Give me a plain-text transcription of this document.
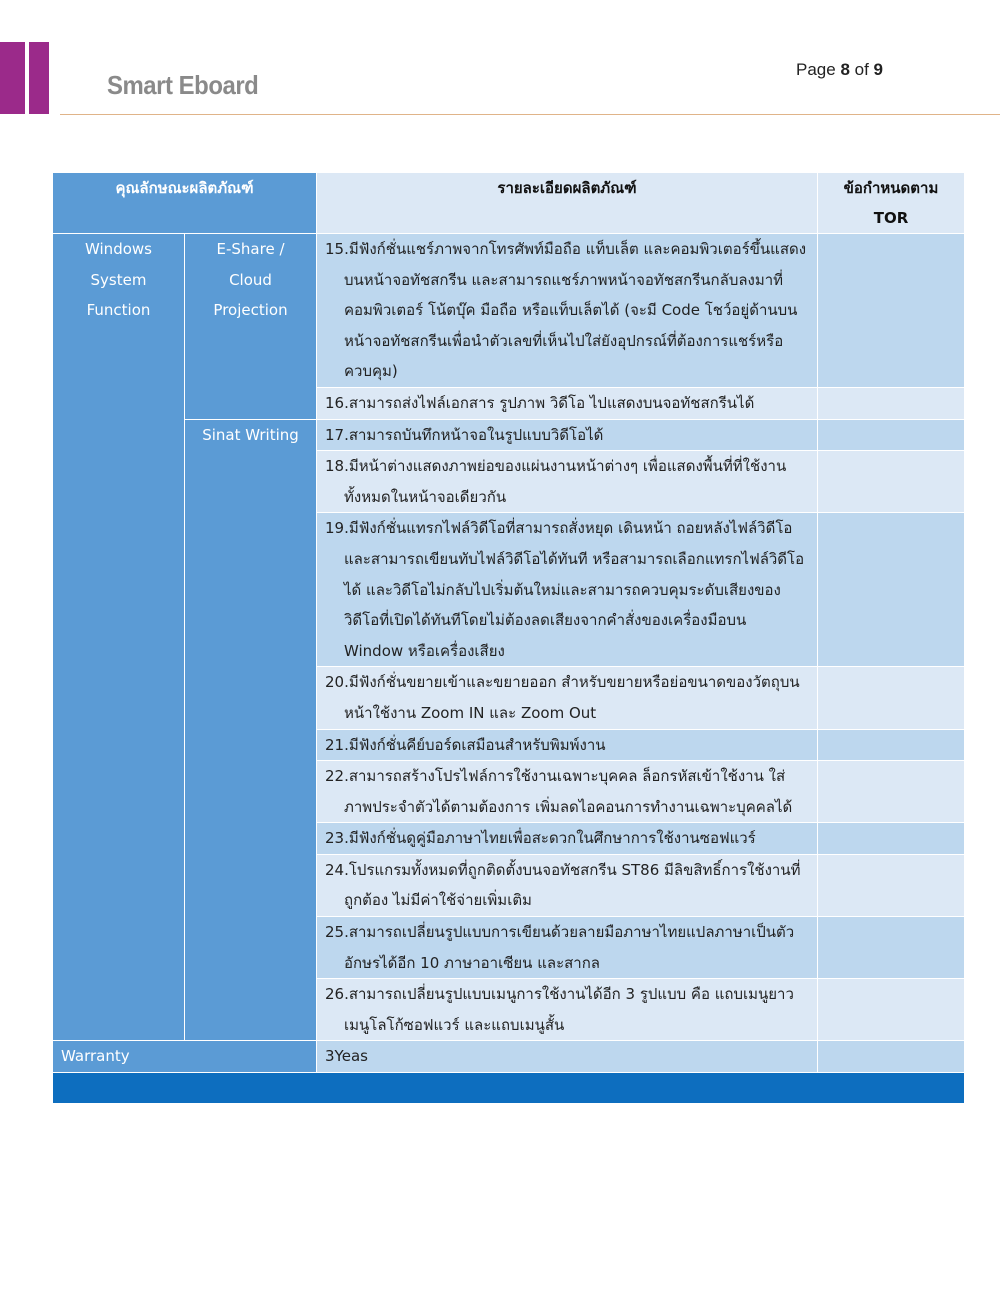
Smart Eboard
Page 8 of 9
คุณลักษณะผลิตภัณฑ์		รายละเอียดผลิตภัณฑ์	ข้อกำหนดตาม TOR
Windows System Function	E-Share / Cloud Projection	15.มีฟังก์ชั่นแชร์ภาพจากโทรศัพท์มือถือ แท็บเล็ต และคอมพิวเตอร์ขึ้นแสดงบนหน้าจอทัชสกรีน และสามารถแชร์ภาพหน้าจอทัชสกรีนกลับลงมาที่คอมพิวเตอร์ โน้ตบุ๊ค มือถือ หรือแท็บเล็ตได้ (จะมี Code โชว์อยู่ด้านบนหน้าจอทัชสกรีนเพื่อนำตัวเลขที่เห็นไปใส่ยังอุปกรณ์ที่ต้องการแชร์หรือควบคุม)	

		16.สามารถส่งไฟล์เอกสาร รูปภาพ วิดีโอ ไปแสดงบนจอทัชสกรีนได้	

	Sinat Writing	17.สามารถบันทึกหน้าจอในรูปแบบวิดีโอได้	

		18.มีหน้าต่างแสดงภาพย่อของแผ่นงานหน้าต่างๆ เพื่อแสดงพื้นที่ที่ใช้งานทั้งหมดในหน้าจอเดียวกัน	

		19.มีฟังก์ชั่นแทรกไฟล์วิดีโอที่สามารถสั่งหยุด เดินหน้า ถอยหลังไฟล์วิดีโอและสามารถเขียนทับไฟล์วิดีโอได้ทันที หรือสามารถเลือกแทรกไฟล์วิดีโอได้ และวิดีโอไม่กลับไปเริ่มต้นใหม่และสามารถควบคุมระดับเสียงของวิดีโอที่เปิดได้ทันทีโดยไม่ต้องลดเสียงจากคำสั่งของเครื่องมือบน Window หรือเครื่องเสียง	

		20.มีฟังก์ชั่นขยายเข้าและขยายออก สำหรับขยายหรือย่อขนาดของวัตถุบนหน้าใช้งาน Zoom IN และ Zoom Out	

		21.มีฟังก์ชั่นคีย์บอร์ดเสมือนสำหรับพิมพ์งาน	

		22.สามารถสร้างโปรไฟล์การใช้งานเฉพาะบุคคล ล็อกรหัสเข้าใช้งาน ใส่ภาพประจำตัวได้ตามต้องการ เพิ่มลดไอคอนการทำงานเฉพาะบุคคลได้	

		23.มีฟังก์ชั่นดูคู่มือภาษาไทยเพื่อสะดวกในศึกษาการใช้งานซอฟแวร์	

		24.โปรแกรมทั้งหมดที่ถูกติดตั้งบนจอทัชสกรีน ST86 มีลิขสิทธิ์การใช้งานที่ถูกต้อง ไม่มีค่าใช้จ่ายเพิ่มเติม	

		25.สามารถเปลี่ยนรูปแบบการเขียนด้วยลายมือภาษาไทยแปลภาษาเป็นตัวอักษรได้อีก 10 ภาษาอาเซียน และสากล	

		26.สามารถเปลี่ยนรูปแบบเมนูการใช้งานได้อีก 3 รูปแบบ คือ แถบเมนูยาว เมนูโลโก้ซอฟแวร์ และแถบเมนูสั้น	

Warranty		3Yeas	
